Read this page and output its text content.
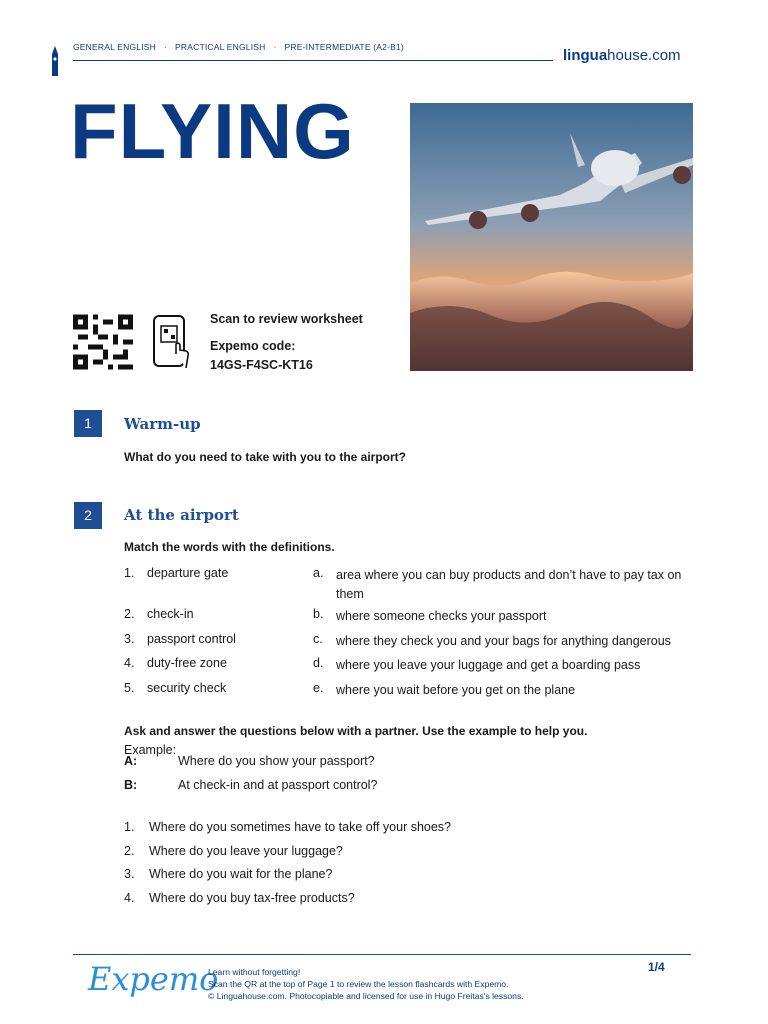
GENERAL ENGLISH · PRACTICAL ENGLISH · PRE-INTERMEDIATE (A2-B1)	linguahouse.com
FLYING
Scan to review worksheet
Expemo code:
14GS-F4SC-KT16
1	Warm-up
What do you need to take with you to the airport?
2	At the airport
Match the words with the definitions.
1. departure gate	a. area where you can buy products and don’t have to pay tax on them
2. check-in	b. where someone checks your passport
3. passport control	c. where they check you and your bags for anything dangerous
4. duty-free zone	d. where you leave your luggage and get a boarding pass
5. security check	e. where you wait before you get on the plane
Ask and answer the questions below with a partner. Use the example to help you.
Example:
A:	Where do you show your passport?
B:	At check-in and at passport control?
1. Where do you sometimes have to take off your shoes?
2. Where do you leave your luggage?
3. Where do you wait for the plane?
4. Where do you buy tax-free products?
Expemo
Learn without forgetting!
Scan the QR at the top of Page 1 to review the lesson flashcards with Expemo.
© Linguahouse.com. Photocopiable and licensed for use in Hugo Freitas's lessons.
1/4
